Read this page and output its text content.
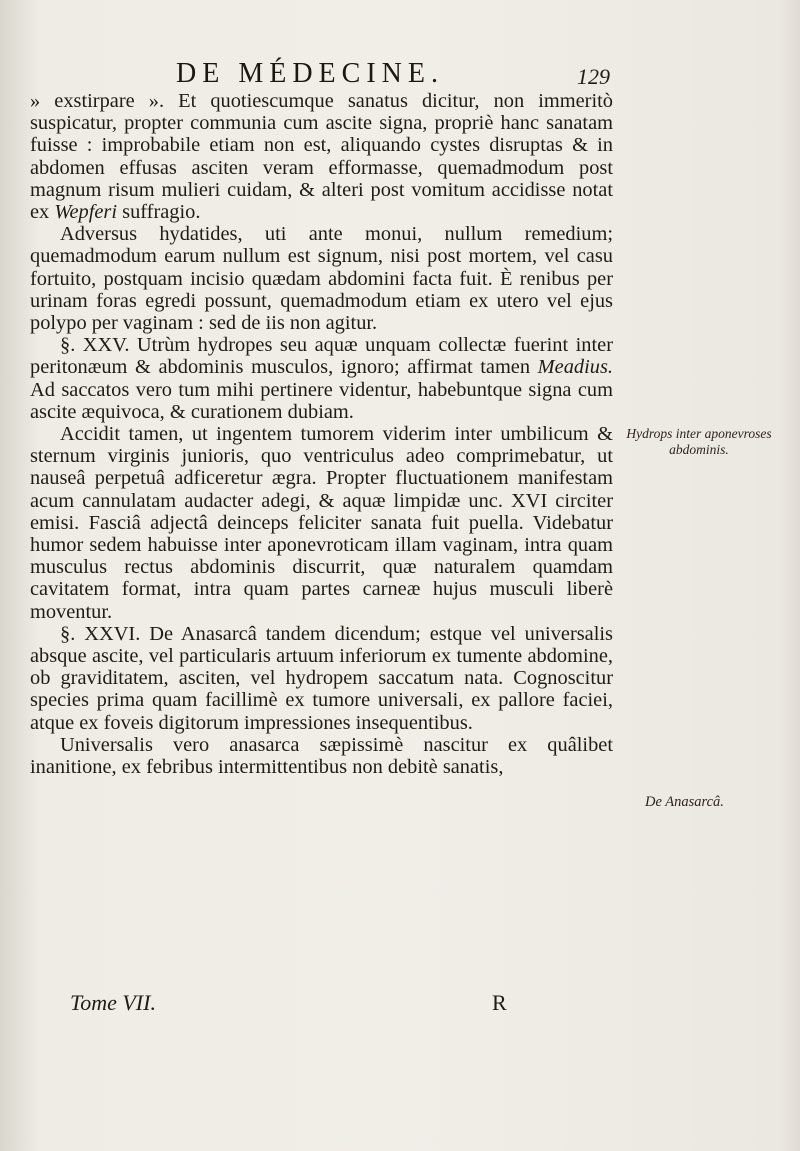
DE MÉDECINE.	129

» exstirpare ». Et quotiescumque sanatus dicitur, non immeritò suspicatur, propter communia cum ascite signa, propriè hanc sanatam fuisse : improbabile etiam non est, aliquando cystes disruptas & in abdomen effusas asciten veram efformasse, quemadmodum post magnum risum mulieri cuidam, & alteri post vomitum accidisse notat ex Wepferi suffragio.

Adversus hydatides, uti ante monui, nullum remedium; quemadmodum earum nullum est signum, nisi post mortem, vel casu fortuito, postquam incisio quædam abdomini facta fuit. È renibus per urinam foras egredi possunt, quemadmodum etiam ex utero vel ejus polypo per vaginam : sed de iis non agitur.

§. XXV. Utrùm hydropes seu aquæ unquam collectæ fuerint inter peritonæum & abdominis musculos, ignoro; affirmat tamen Meadius. Ad saccatos vero tum mihi pertinere videntur, habebuntque signa cum ascite æquivoca, & curationem dubiam.

Accidit tamen, ut ingentem tumorem viderim inter umbilicum & sternum virginis junioris, quo ventriculus adeo comprimebatur, ut nauseâ perpetuâ adficeretur ægra. Propter fluctuationem manifestam acum cannulatam audacter adegi, & aquæ limpidæ unc. XVI circiter emisi. Fasciâ adjectâ deinceps feliciter sanata fuit puella. Videbatur humor sedem habuisse inter aponevroticam illam vaginam, intra quam musculus rectus abdominis discurrit, quæ naturalem quamdam cavitatem format, intra quam partes carneæ hujus musculi liberè moventur.

§. XXVI. De Anasarcâ tandem dicendum; estque vel universalis absque ascite, vel particularis artuum inferiorum ex tumente abdomine, ob graviditatem, asciten, vel hydropem saccatum nata. Cognoscitur species prima quam facillimè ex tumore universali, ex pallore faciei, atque ex foveis digitorum impressiones insequentibus.

Universalis vero anasarca sæpissimè nascitur ex quâlibet inanitione, ex febribus intermittentibus non debitè sanatis,

Hydrops inter aponevroses abdominis.
De Anasarcâ.
Tome VII.	R
